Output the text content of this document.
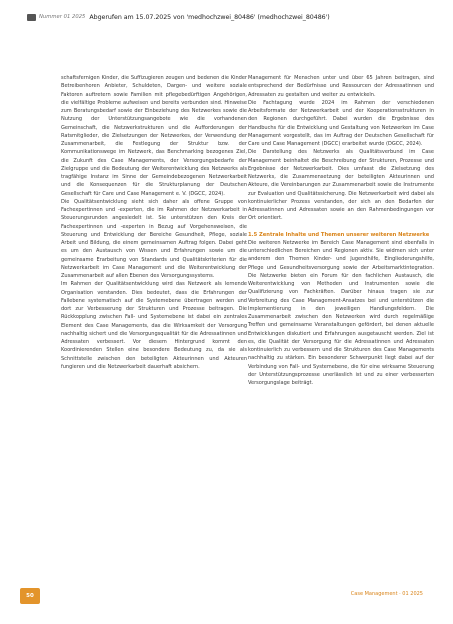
Nummer 01 2025 Abgerufen am 15.07.2025 von 'medhochzwei_80486' (medhochzwei_80486')

schaftsfernigen Kinder, die Suffizugieren zeugen und bedenen die Kinder Betreibenhoren Anbieter, Schuldeten, Dargen- und weitere soziale Faktoren auftretern sowie Familien mit pflegebedürftigen Angehörigen, die vielfältige Probleme aufweisen und bereits verbunden sind. Hinweise zum Beratungsbedarf sowie der Einbeziehung des Netzwerkes sowie die Nutzung der Unterstützungsangebote wie die vorhandenen Gemeinschaft, die Netzwerkstrukturen und die Aufforderungen der Ratsmitglieder, die Zielsetzungen der Netzwerkes, der Verwendung der Zusammenarbeit, die Festlegung der Struktur bzw. der Kommunikationswege im Netzwerk, das Benchmarking bezogenes Ziel, die Zukunft des Case Managements, der Versorgungsbedarfe der Zielgruppe und die Bedeutung der Weiterentwicklung des Netzwerks als tragfähige Instanz im Sinne der Gemeindebezogenen Netzwerkarbeit und die Konsequenzen für die Strukturplanung der Deutschen Gesellschaft für Care und Case Management e. V. (DGCC, 2024).

Die Qualitätsentwicklung sieht sich daher als offene Gruppe von Fachexpertinnen und -experten, die im Rahmen der Netzwerkarbeit in Steuerungsrunden angesiedelt ist. Sie unterstützen den Kreis der Fachexpertinnen und -experten in Bezug auf Vorgehensweisen, die Steuerung und Entwicklung der Bereiche Gesundheit, Pflege, soziale Arbeit und Bildung, die einem gemeinsamen Auftrag folgen. Dabei geht es um den Austausch von Wissen und Erfahrungen sowie um die gemeinsame Erarbeitung von Standards und Qualitätskriterien für die Netzwerkarbeit im Case Management und die Weiterentwicklung der Zusammenarbeit auf allen Ebenen des Versorgungssystems.

Im Rahmen der Qualitätsentwicklung wird das Netzwerk als lernende Organisation verstanden. Dies bedeutet, dass die Erfahrungen der Fallebene systematisch auf die Systemebene übertragen werden und dort zur Verbesserung der Strukturen und Prozesse beitragen. Die Rückkopplung zwischen Fall- und Systemebene ist dabei ein zentrales Element des Case Managements, das die Wirksamkeit der Versorgung nachhaltig sichert und die Versorgungsqualität für die Adressatinnen und Adressaten verbessert. Vor diesem Hintergrund kommt den Koordinierenden Stellen eine besondere Bedeutung zu, da sie als Schnittstelle zwischen den beteiligten Akteurinnen und Akteuren fungieren und die Netzwerkarbeit dauerhaft absichern.

Management für Menschen unter und über 65 Jahren beitragen, sind entsprechend der Bedürfnisse und Ressourcen der Adressatinnen und Adressaten zu gestalten und weiter zu entwickeln.

Die Fachtagung wurde 2024 im Rahmen der verschiedenen Arbeitsformate der Netzwerkarbeit und der Kooperationsstrukturen in den Regionen durchgeführt. Dabei wurden die Ergebnisse des Handbuchs für die Entwicklung und Gestaltung von Netzwerken im Case Management vorgestellt, das im Auftrag der Deutschen Gesellschaft für Care und Case Management (DGCC) erarbeitet wurde (DGCC, 2024).

Die Darstellung des Netzwerks als Qualitätsverbund im Case Management beinhaltet die Beschreibung der Strukturen, Prozesse und Ergebnisse der Netzwerkarbeit. Dies umfasst die Zielsetzung des Netzwerks, die Zusammensetzung der beteiligten Akteurinnen und Akteure, die Vereinbarungen zur Zusammenarbeit sowie die Instrumente zur Evaluation und Qualitätssicherung. Die Netzwerkarbeit wird dabei als kontinuierlicher Prozess verstanden, der sich an den Bedarfen der Adressatinnen und Adressaten sowie an den Rahmenbedingungen vor Ort orientiert.

1.5 Zentrale Inhalte und Themen unserer weiteren Netzwerke

Die weiteren Netzwerke im Bereich Case Management sind ebenfalls in unterschiedlichen Bereichen und Regionen aktiv. Sie widmen sich unter anderem den Themen Kinder- und Jugendhilfe, Eingliederungshilfe, Pflege und Gesundheitsversorgung sowie der Arbeitsmarktintegration. Die Netzwerke bieten ein Forum für den fachlichen Austausch, die Weiterentwicklung von Methoden und Instrumenten sowie die Qualifizierung von Fachkräften. Darüber hinaus tragen sie zur Verbreitung des Case Management-Ansatzes bei und unterstützen die Implementierung in den jeweiligen Handlungsfeldern. Die Zusammenarbeit zwischen den Netzwerken wird durch regelmäßige Treffen und gemeinsame Veranstaltungen gefördert, bei denen aktuelle Entwicklungen diskutiert und Erfahrungen ausgetauscht werden. Ziel ist es, die Qualität der Versorgung für die Adressatinnen und Adressaten kontinuierlich zu verbessern und die Strukturen des Case Managements nachhaltig zu stärken. Ein besonderer Schwerpunkt liegt dabei auf der Verbindung von Fall- und Systemebene, die für eine wirksame Steuerung der Unterstützungsprozesse unerlässlich ist und zu einer verbesserten Versorgungslage beiträgt.

50	Case Management · 01 2025
